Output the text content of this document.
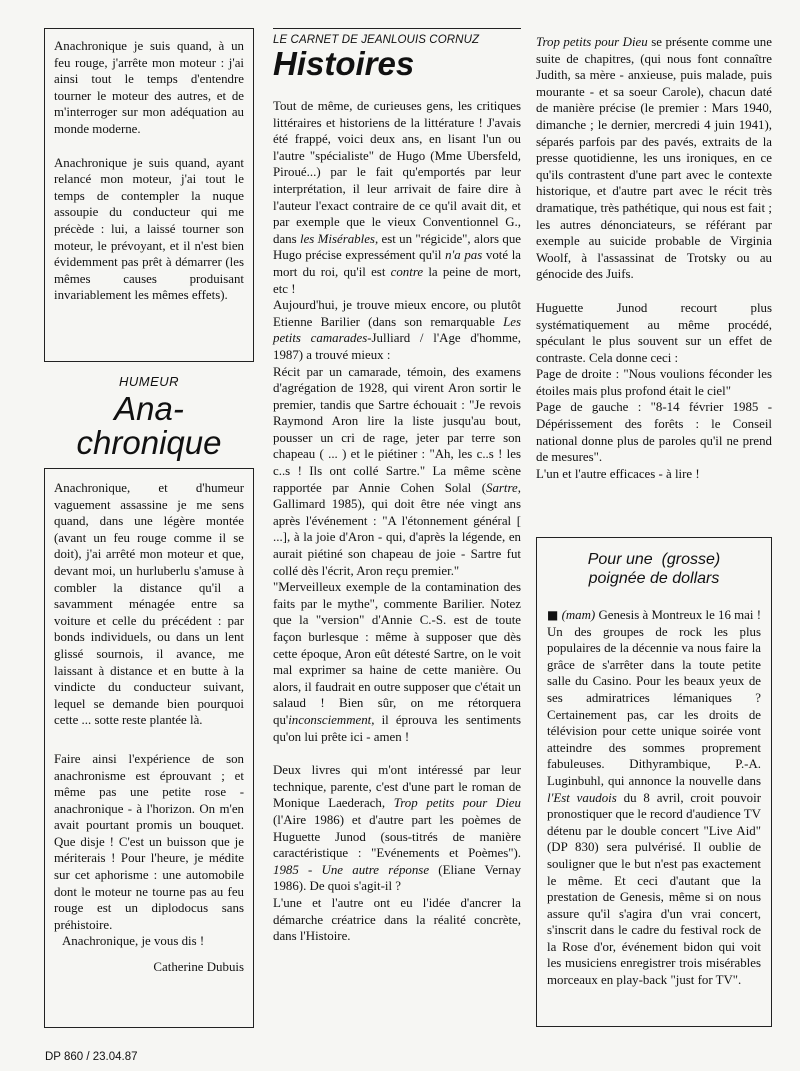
Anachronique je suis quand, à un feu rouge, j'arrête mon moteur : j'ai ainsi tout le temps d'entendre tourner le moteur des autres, et de m'interroger sur mon adéquation au monde moderne.

Anachronique je suis quand, ayant relancé mon moteur, j'ai tout le temps de contempler la nuque assoupie du conducteur qui me précède : lui, a laissé tourner son moteur, le prévoyant, et il n'est bien évidemment pas prêt à démarrer (les mêmes causes produisant invariablement les mêmes effets).

HUMEUR
Ana-
chronique

Anachronique, et d'humeur vaguement assassine je me sens quand, dans une légère montée (avant un feu rouge comme il se doit), j'ai arrêté mon moteur et que, devant moi, un hurluberlu s'amuse à combler la distance qu'il a savamment ménagée entre sa voiture et celle du précédent : par bonds individuels, ou dans un lent glissé sournois, il avance, me laissant à distance et en butte à la vindicte du conducteur suivant, lequel se demande bien pourquoi cette ... sotte reste plantée là.

Faire ainsi l'expérience de son anachronisme est éprouvant ; et même pas une petite rose - anachronique - à l'horizon. On m'en avait pourtant promis un bouquet. Que disje ! C'est un buisson que je mériterais ! Pour l'heure, je médite sur cet aphorisme : une automobile dont le moteur ne tourne pas au feu rouge est un diplodocus sans préhistoire.

Anachronique, je vous dis !

Catherine Dubuis

LE CARNET DE JEANLOUIS CORNUZ
Histoires

Tout de même, de curieuses gens, les critiques littéraires et historiens de la littérature ! J'avais été frappé, voici deux ans, en lisant l'un ou l'autre "spécialiste" de Hugo (Mme Ubersfeld, Piroué...) par le fait qu'emportés par leur interprétation, il leur arrivait de faire dire à l'auteur l'exact contraire de ce qu'il avait dit, et par exemple que le vieux Conventionnel G., dans les Misérables, est un "régicide", alors que Hugo précise expressément qu'il n'a pas voté la mort du roi, qu'il est contre la peine de mort, etc !

Aujourd'hui, je trouve mieux encore, ou plutôt Etienne Barilier (dans son remarquable Les petits camarades-Julliard / l'Age d'homme, 1987) a trouvé mieux :

Récit par un camarade, témoin, des examens d'agrégation de 1928, qui virent Aron sortir le premier, tandis que Sartre échouait : "Je revois Raymond Aron lire la liste jusqu'au bout, pousser un cri de rage, jeter par terre son chapeau ( ... ) et le piétiner : "Ah, les c..s ! les c..s ! Ils ont collé Sartre." La même scène rapportée par Annie Cohen Solal (Sartre, Gallimard 1985), qui doit être née vingt ans après l'événement : "A l'étonnement général [ ...], à la joie d'Aron - qui, d'après la légende, en aurait piétiné son chapeau de joie - Sartre fut collé dès l'écrit, Aron reçu premier."

"Merveilleux exemple de la contamination des faits par le mythe", commente Barilier. Notez que la "version" d'Annie C.-S. est de toute façon burlesque : même à supposer que dès cette époque, Aron eût détesté Sartre, on le voit mal exprimer sa haine de cette manière. Ou alors, il faudrait en outre supposer que c'était un salaud ! Bien sûr, on me rétorquera qu'inconsciemment, il éprouva les sentiments qu'on lui prête ici - amen !

Deux livres qui m'ont intéressé par leur technique, parente, c'est d'une part le roman de Monique Laederach, Trop petits pour Dieu (l'Aire 1986) et d'autre part les poèmes de Huguette Junod (sous-titrés de manière caractéristique : "Evénements et Poèmes"). 1985 - Une autre réponse (Eliane Vernay 1986). De quoi s'agit-il ?

L'une et l'autre ont eu l'idée d'ancrer la démarche créatrice dans la réalité concrète, dans l'Histoire.

Trop petits pour Dieu se présente comme une suite de chapitres, (qui nous font connaître Judith, sa mère - anxieuse, puis malade, puis mourante - et sa soeur Carole), chacun daté de manière précise (le premier : Mars 1940, dimanche ; le dernier, mercredi 4 juin 1941), séparés parfois par des pavés, extraits de la presse quotidienne, les uns ironiques, en ce qu'ils contrastent d'une part avec le contexte historique, et d'autre part avec le récit très dramatique, très pathétique, qui nous est fait ; les autres dénonciateurs, se référant par exemple au suicide probable de Virginia Woolf, à l'assassinat de Trotsky ou au génocide des Juifs.

Huguette Junod recourt plus systématiquement au même procédé, spéculant le plus souvent sur un effet de contraste. Cela donne ceci :

Page de droite : "Nous voulions féconder les étoiles mais plus profond était le ciel"

Page de gauche : "8-14 février 1985 - Dépérissement des forêts : le Conseil national donne plus de paroles qu'il ne prend de mesures".

L'un et l'autre efficaces - à lire !

Pour une  (grosse)
poignée de dollars

■ (mam) Genesis à Montreux le 16 mai ! Un des groupes de rock les plus populaires de la décennie va nous faire la grâce de s'arrêter dans la toute petite salle du Casino. Pour les beaux yeux de ses admiratrices lémaniques ? Certainement pas, car les droits de télévision pour cette unique soirée vont atteindre des sommes proprement fabuleuses. Dithyrambique, P.-A. Luginbuhl, qui annonce la nouvelle dans l'Est vaudois du 8 avril, croit pouvoir pronostiquer que le record d'audience TV détenu par le double concert "Live Aid" (DP 830) sera pulvérisé. Il oublie de souligner que le but n'est pas exactement le même. Et ceci d'autant que la prestation de Genesis, même si on nous assure qu'il s'agira d'un vrai concert, s'inscrit dans le cadre du festival rock de la Rose d'or, événement bidon qui voit les musiciens enregistrer trois misérables morceaux en play-back "just for TV".

DP 860 / 23.04.87
